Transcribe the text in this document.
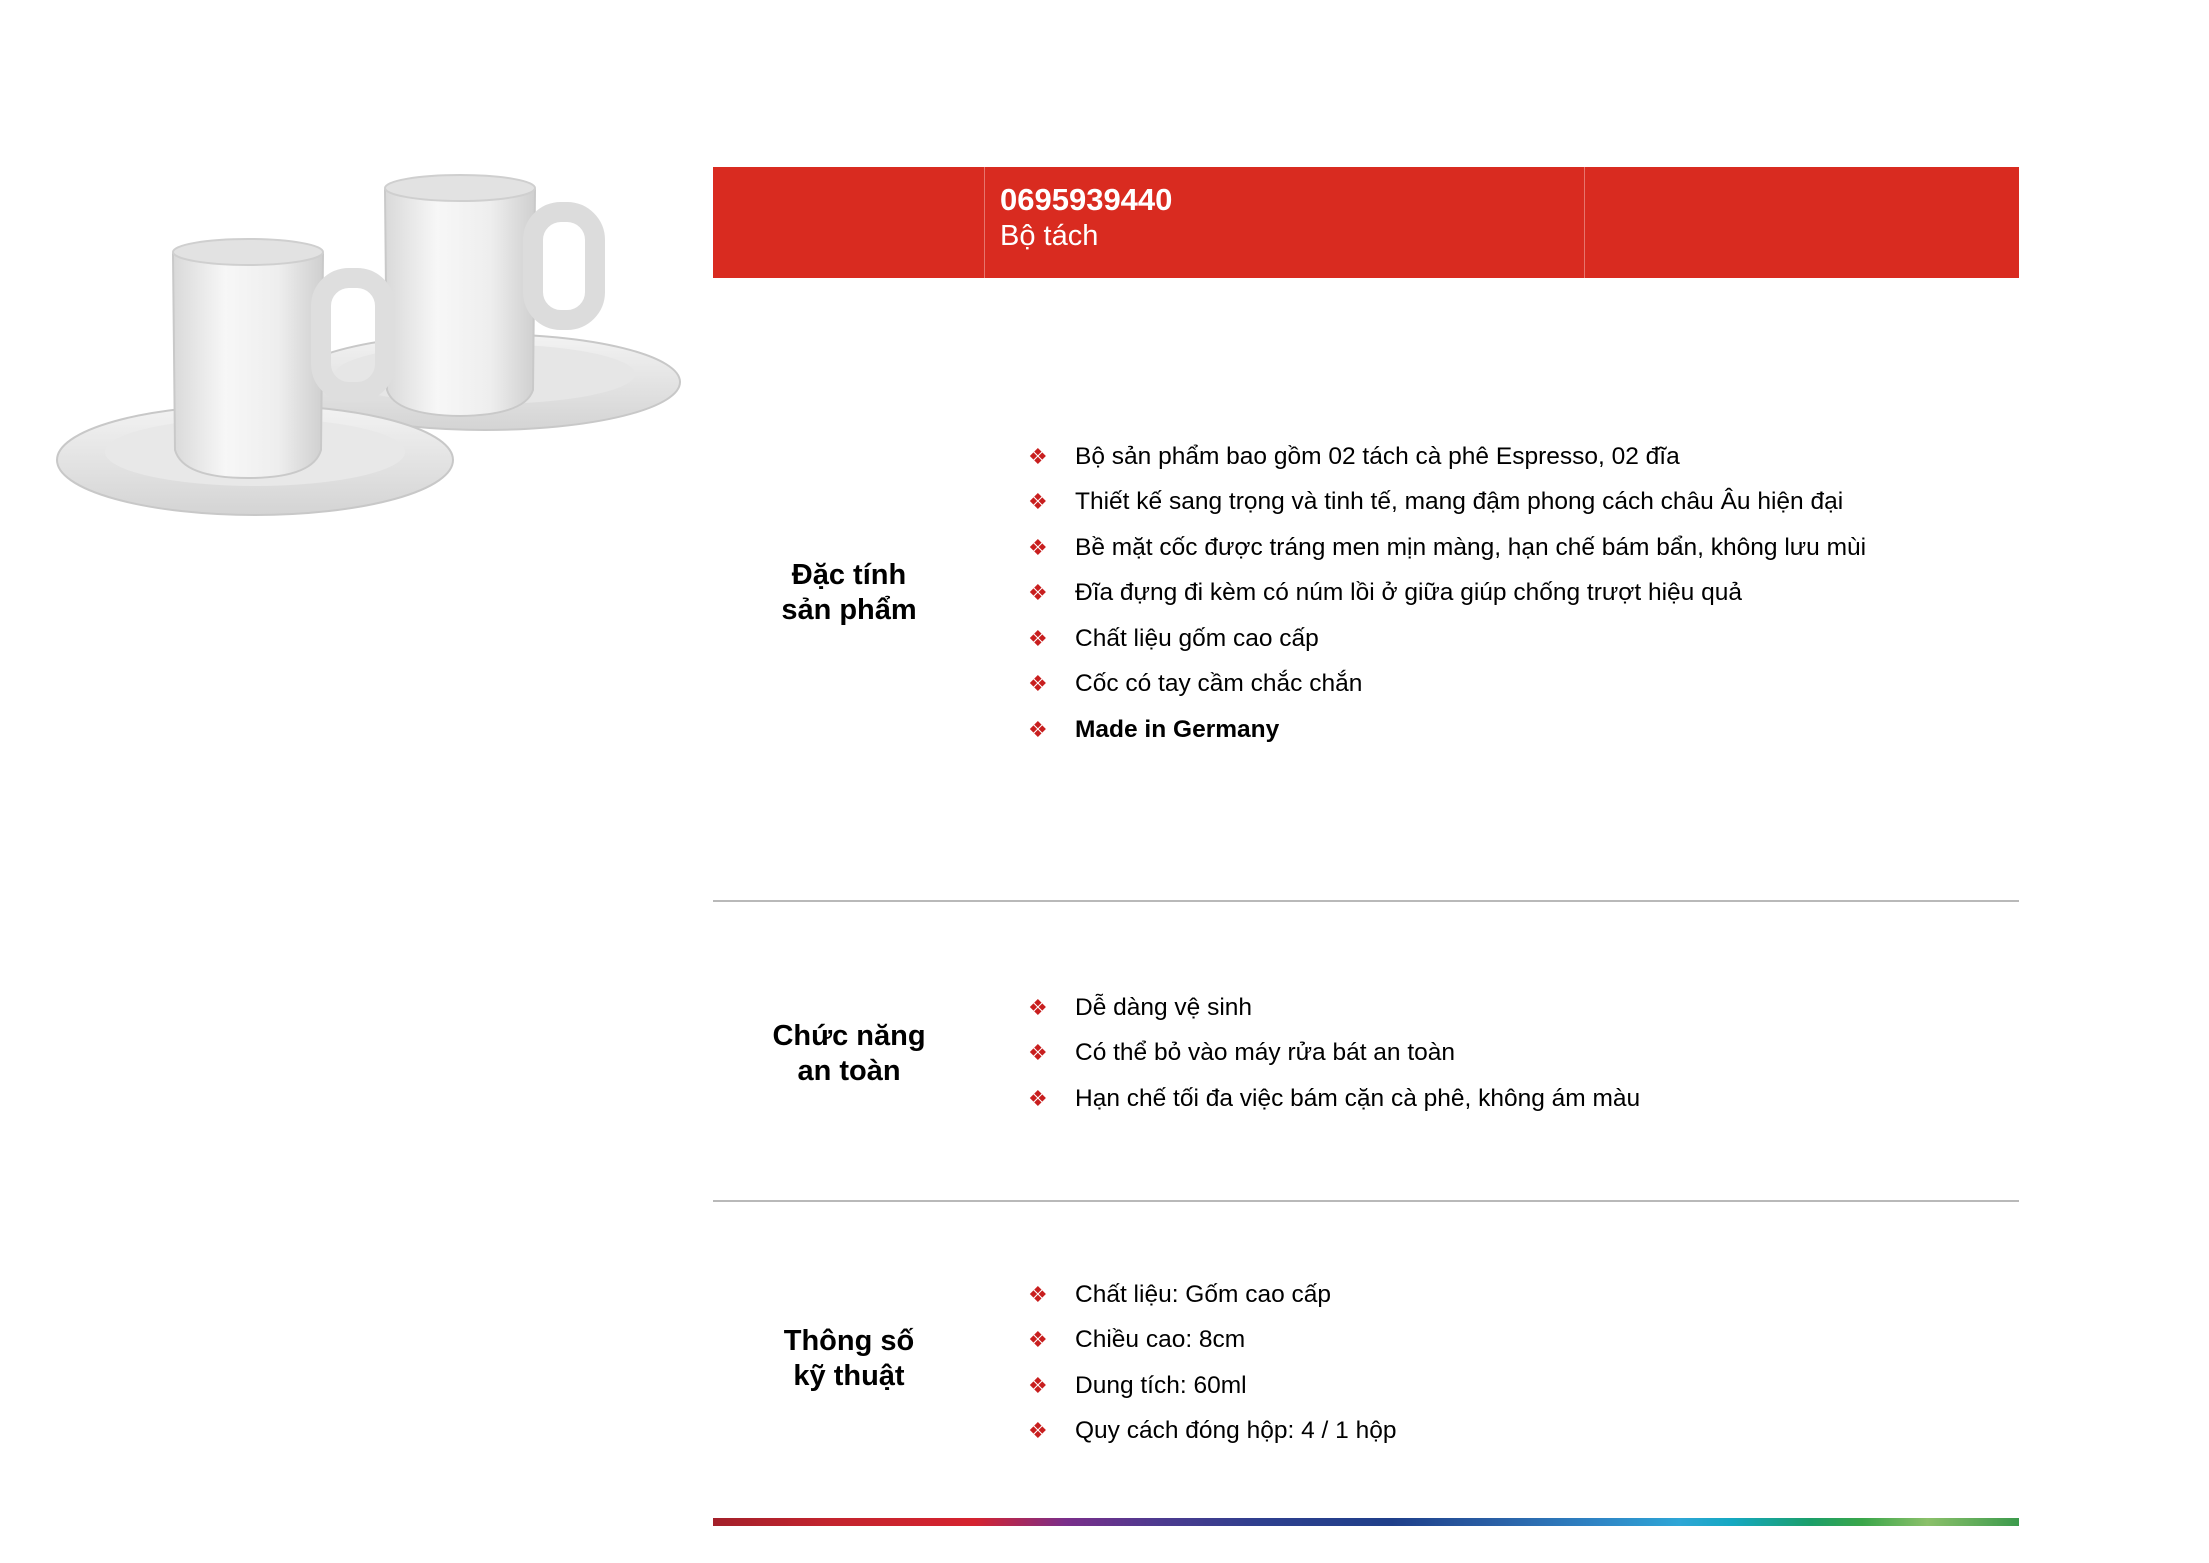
0695939440
Bộ tách
Đặc tính
sản phẩm
❖	Bộ sản phẩm bao gồm 02 tách cà phê Espresso, 02 đĩa
❖	Thiết kế sang trọng và tinh tế, mang đậm phong cách châu Âu hiện đại
❖	Bề mặt cốc được tráng men mịn màng, hạn chế bám bẩn, không lưu mùi
❖	Đĩa đựng đi kèm có núm lồi ở giữa giúp chống trượt hiệu quả
❖	Chất liệu gốm cao cấp
❖	Cốc có tay cầm chắc chắn
❖	Made in Germany
Chức năng
an toàn
❖	Dễ dàng vệ sinh
❖	Có thể bỏ vào máy rửa bát an toàn
❖	Hạn chế tối đa việc bám cặn cà phê, không ám màu
Thông số
kỹ thuật
❖	Chất liệu: Gốm cao cấp
❖	Chiều cao: 8cm
❖	Dung tích: 60ml
❖	Quy cách đóng hộp: 4 / 1 hộp
